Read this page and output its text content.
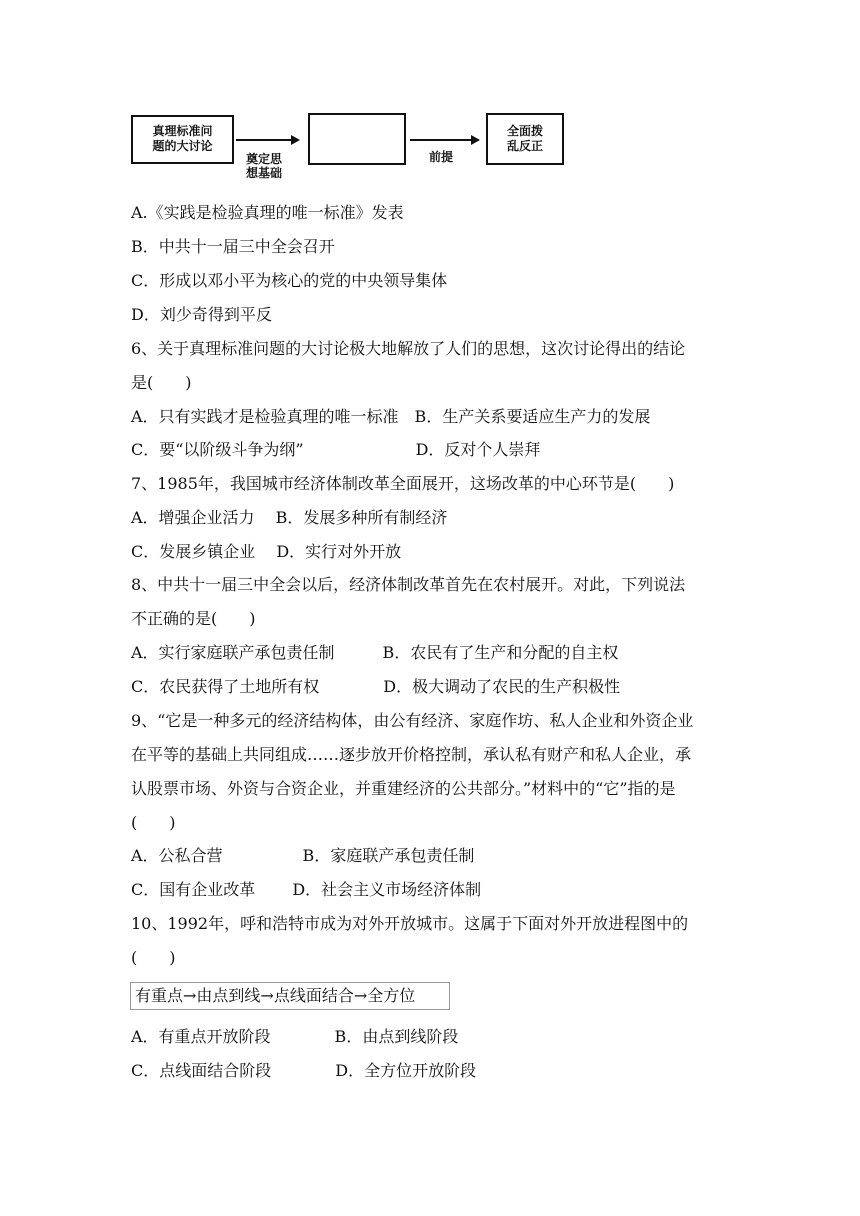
真理标准问
题的大讨论
奠定思
想基础
前提
全面拨
乱反正
A.《实践是检验真理的唯一标准》发表
B．中共十一届三中全会召开
C．形成以邓小平为核心的党的中央领导集体
D．刘少奇得到平反
6、关于真理标准问题的大讨论极大地解放了人们的思想，这次讨论得出的结论
是(　　)
A．只有实践才是检验真理的唯一标准　B．生产关系要适应生产力的发展
C．要“以阶级斗争为纲”　　　　　　　D．反对个人崇拜
7、1985年，我国城市经济体制改革全面展开，这场改革的中心环节是(　　)
A．增强企业活力　 B．发展多种所有制经济
C．发展乡镇企业　 D．实行对外开放
8、中共十一届三中全会以后，经济体制改革首先在农村展开。对此，下列说法
不正确的是(　　)
A．实行家庭联产承包责任制　　　B．农民有了生产和分配的自主权
C．农民获得了土地所有权　　　　D．极大调动了农民的生产积极性
9、“它是一种多元的经济结构体，由公有经济、家庭作坊、私人企业和外资企业
在平等的基础上共同组成……逐步放开价格控制，承认私有财产和私人企业，承
认股票市场、外资与合资企业，并重建经济的公共部分。”材料中的“它”指的是
(　　)
A．公私合营　　　　　B．家庭联产承包责任制
C．国有企业改革　　 D．社会主义市场经济体制
10、1992年，呼和浩特市成为对外开放城市。这属于下面对外开放进程图中的
(　　)
有重点→由点到线→点线面结合→全方位
A．有重点开放阶段　　　　B．由点到线阶段
C．点线面结合阶段　　　　D．全方位开放阶段
